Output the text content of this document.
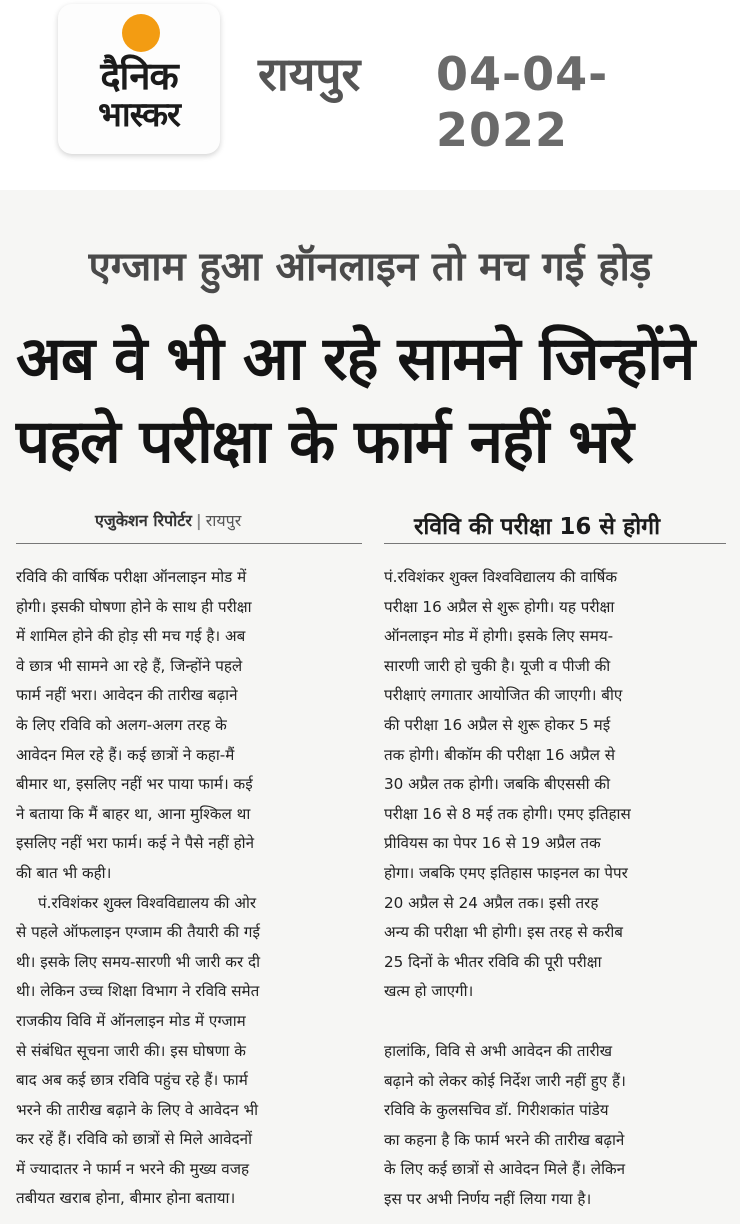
दैनिक
भास्कर
रायपुर 04-04-2022
एग्जाम हुआ ऑनलाइन तो मच गई होड़
अब वे भी आ रहे सामने जिन्होंने
पहले परीक्षा के फार्म नहीं भरे
एजुकेशन रिपोर्टर | रायपुर	रविवि की परीक्षा 16 से होगी
रविवि की वार्षिक परीक्षा ऑनलाइन मोड में
होगी। इसकी घोषणा होने के साथ ही परीक्षा
में शामिल होने की होड़ सी मच गई है। अब
वे छात्र भी सामने आ रहे हैं, जिन्होंने पहले
फार्म नहीं भरा। आवेदन की तारीख बढ़ाने
के लिए रविवि को अलग-अलग तरह के
आवेदन मिल रहे हैं। कई छात्रों ने कहा-मैं
बीमार था, इसलिए नहीं भर पाया फार्म। कई
ने बताया कि मैं बाहर था, आना मुश्किल था
इसलिए नहीं भरा फार्म। कई ने पैसे नहीं होने
की बात भी कही।
पं.रविशंकर शुक्ल विश्वविद्यालय की ओर
से पहले ऑफलाइन एग्जाम की तैयारी की गई
थी। इसके लिए समय-सारणी भी जारी कर दी
थी। लेकिन उच्च शिक्षा विभाग ने रविवि समेत
राजकीय विवि में ऑनलाइन मोड में एग्जाम
से संबंधित सूचना जारी की। इस घोषणा के
बाद अब कई छात्र रविवि पहुंच रहे हैं। फार्म
भरने की तारीख बढ़ाने के लिए वे आवेदन भी
कर रहें हैं। रविवि को छात्रों से मिले आवेदनों
में ज्यादातर ने फार्म न भरने की मुख्य वजह
तबीयत खराब होना, बीमार होना बताया।
पं.रविशंकर शुक्ल विश्वविद्यालय की वार्षिक
परीक्षा 16 अप्रैल से शुरू होगी। यह परीक्षा
ऑनलाइन मोड में होगी। इसके लिए समय-
सारणी जारी हो चुकी है। यूजी व पीजी की
परीक्षाएं लगातार आयोजित की जाएगी। बीए
की परीक्षा 16 अप्रैल से शुरू होकर 5 मई
तक होगी। बीकॉम की परीक्षा 16 अप्रैल से
30 अप्रैल तक होगी। जबकि बीएससी की
परीक्षा 16 से 8 मई तक होगी। एमए इतिहास
प्रीवियस का पेपर 16 से 19 अप्रैल तक
होगा। जबकि एमए इतिहास फाइनल का पेपर
20 अप्रैल से 24 अप्रैल तक। इसी तरह
अन्य की परीक्षा भी होगी। इस तरह से करीब
25 दिनों के भीतर रविवि की पूरी परीक्षा
खत्म हो जाएगी।
हालांकि, विवि से अभी आवेदन की तारीख
बढ़ाने को लेकर कोई निर्देश जारी नहीं हुए हैं।
रविवि के कुलसचिव डॉ. गिरीशकांत पांडेय
का कहना है कि फार्म भरने की तारीख बढ़ाने
के लिए कई छात्रों से आवेदन मिले हैं। लेकिन
इस पर अभी निर्णय नहीं लिया गया है।
